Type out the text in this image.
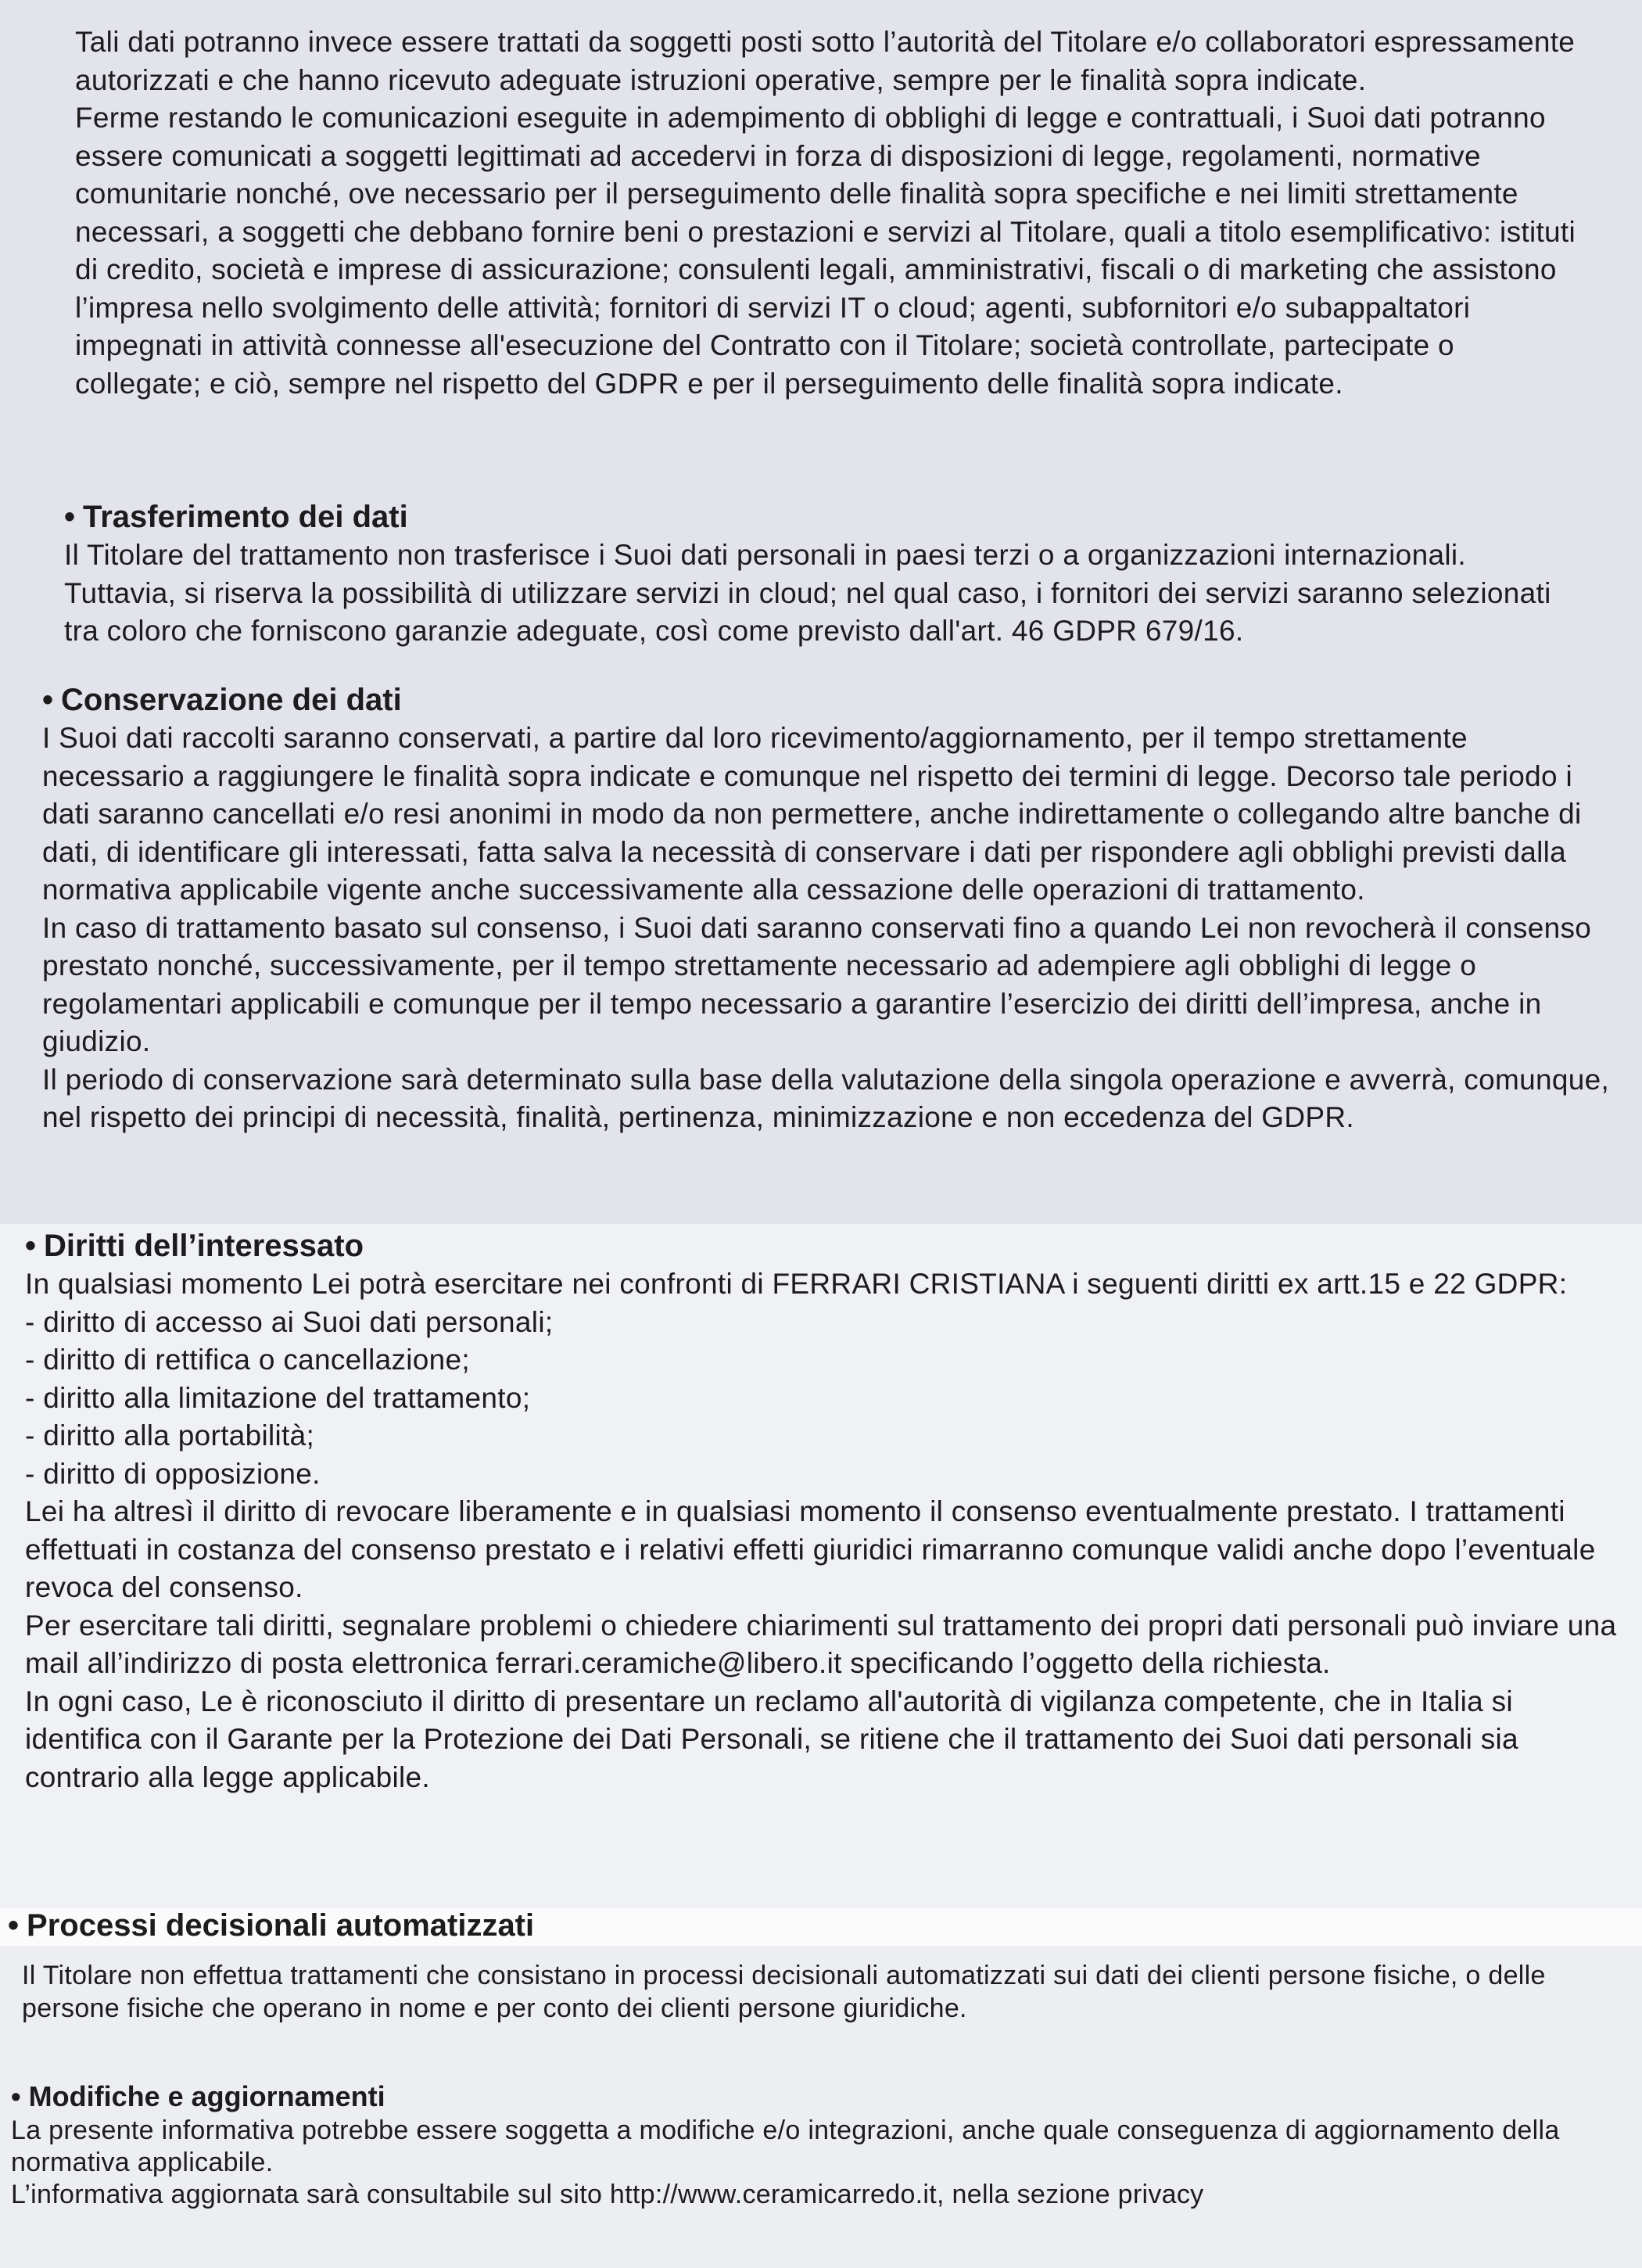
Tali dati potranno invece essere trattati da soggetti posti sotto l’autorità del Titolare e/o collaboratori espressamente autorizzati e che hanno ricevuto adeguate istruzioni operative, sempre per le finalità sopra indicate.

Ferme restando le comunicazioni eseguite in adempimento di obblighi di legge e contrattuali, i Suoi dati potranno essere comunicati a soggetti legittimati ad accedervi in forza di disposizioni di legge, regolamenti, normative comunitarie nonché, ove necessario per il perseguimento delle finalità sopra specifiche e nei limiti strettamente necessari, a soggetti che debbano fornire beni o prestazioni e servizi al Titolare, quali a titolo esemplificativo: istituti di credito, società e imprese di assicurazione; consulenti legali, amministrativi, fiscali o di marketing che assistono l’impresa nello svolgimento delle attività; fornitori di servizi IT o cloud; agenti, subfornitori e/o subappaltatori impegnati in attività connesse all'esecuzione del Contratto con il Titolare; società controllate, partecipate o collegate; e ciò, sempre nel rispetto del GDPR e per il perseguimento delle finalità sopra indicate.

• Trasferimento dei dati

Il Titolare del trattamento non trasferisce i Suoi dati personali in paesi terzi o a organizzazioni internazionali. Tuttavia, si riserva la possibilità di utilizzare servizi in cloud; nel qual caso, i fornitori dei servizi saranno selezionati tra coloro che forniscono garanzie adeguate, così come previsto dall'art. 46 GDPR 679/16.

• Conservazione dei dati

I Suoi dati raccolti saranno conservati, a partire dal loro ricevimento/aggiornamento, per il tempo strettamente necessario a raggiungere le finalità sopra indicate e comunque nel rispetto dei termini di legge. Decorso tale periodo i dati saranno cancellati e/o resi anonimi in modo da non permettere, anche indirettamente o collegando altre banche di dati, di identificare gli interessati, fatta salva la necessità di conservare i dati per rispondere agli obblighi previsti dalla normativa applicabile vigente anche successivamente alla cessazione delle operazioni di trattamento.

In caso di trattamento basato sul consenso, i Suoi dati saranno conservati fino a quando Lei non revocherà il consenso prestato nonché, successivamente, per il tempo strettamente necessario ad adempiere agli obblighi di legge o regolamentari applicabili e comunque per il tempo necessario a garantire l’esercizio dei diritti dell’impresa, anche in giudizio.

Il periodo di conservazione sarà determinato sulla base della valutazione della singola operazione e avverrà, comunque, nel rispetto dei principi di necessità, finalità, pertinenza, minimizzazione e non eccedenza del GDPR.

• Diritti dell’interessato

In qualsiasi momento Lei potrà esercitare nei confronti di FERRARI CRISTIANA i seguenti diritti ex artt.15 e 22 GDPR:

- diritto di accesso ai Suoi dati personali;
- diritto di rettifica o cancellazione;
- diritto alla limitazione del trattamento;
- diritto alla portabilità;
- diritto di opposizione.

Lei ha altresì il diritto di revocare liberamente e in qualsiasi momento il consenso eventualmente prestato. I trattamenti effettuati in costanza del consenso prestato e i relativi effetti giuridici rimarranno comunque validi anche dopo l’eventuale revoca del consenso.

Per esercitare tali diritti, segnalare problemi o chiedere chiarimenti sul trattamento dei propri dati personali può inviare una mail all’indirizzo di posta elettronica ferrari.ceramiche@libero.it specificando l’oggetto della richiesta.

In ogni caso, Le è riconosciuto il diritto di presentare un reclamo all'autorità di vigilanza competente, che in Italia si identifica con il Garante per la Protezione dei Dati Personali, se ritiene che il trattamento dei Suoi dati personali sia contrario alla legge applicabile.

• Processi decisionali automatizzati

Il Titolare non effettua trattamenti che consistano in processi decisionali automatizzati sui dati dei clienti persone fisiche, o delle persone fisiche che operano in nome e per conto dei clienti persone giuridiche.

• Modifiche e aggiornamenti

La presente informativa potrebbe essere soggetta a modifiche e/o integrazioni, anche quale conseguenza di aggiornamento della normativa applicabile.

L’informativa aggiornata sarà consultabile sul sito http://www.ceramicarredo.it, nella sezione privacy
